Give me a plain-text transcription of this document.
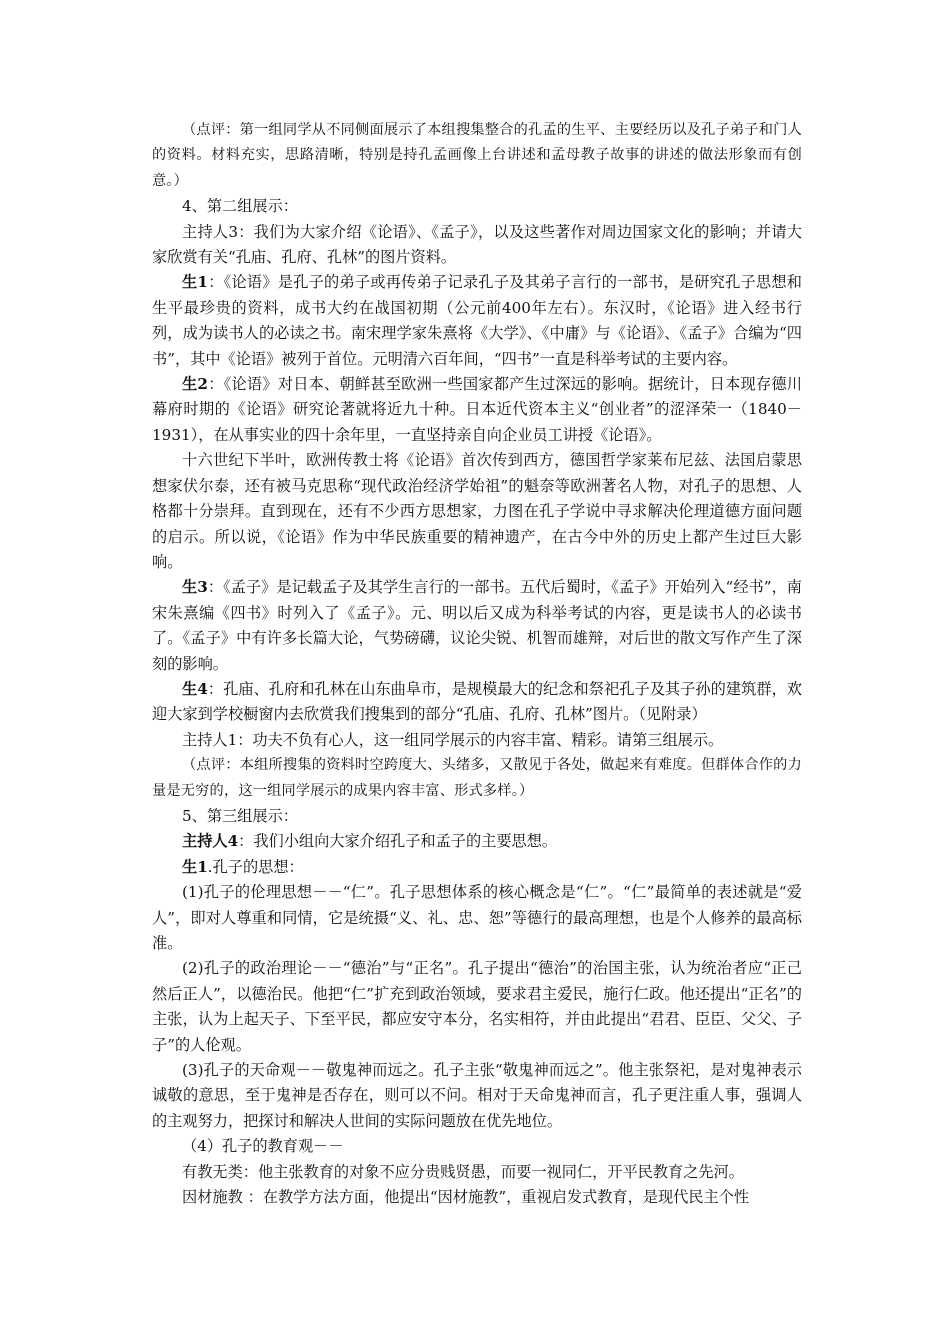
（点评：第一组同学从不同侧面展示了本组搜集整合的孔孟的生平、主要经历以及孔子弟子和门人的资料。材料充实，思路清晰，特别是持孔孟画像上台讲述和孟母教子故事的讲述的做法形象而有创意。）

4、第二组展示：

主持人3：我们为大家介绍《论语》、《孟子》，以及这些著作对周边国家文化的影响；并请大家欣赏有关“孔庙、孔府、孔林”的图片资料。

生1：《论语》是孔子的弟子或再传弟子记录孔子及其弟子言行的一部书，是研究孔子思想和生平最珍贵的资料，成书大约在战国初期（公元前400年左右）。东汉时，《论语》进入经书行列，成为读书人的必读之书。南宋理学家朱熹将《大学》、《中庸》与《论语》、《孟子》合编为“四书”，其中《论语》被列于首位。元明清六百年间，“四书”一直是科举考试的主要内容。

生2：《论语》对日本、朝鲜甚至欧洲一些国家都产生过深远的影响。据统计，日本现存德川幕府时期的《论语》研究论著就将近九十种。日本近代资本主义“创业者”的涩泽荣一（1840－1931），在从事实业的四十余年里，一直坚持亲自向企业员工讲授《论语》。

十六世纪下半叶，欧洲传教士将《论语》首次传到西方，德国哲学家莱布尼兹、法国启蒙思想家伏尔泰，还有被马克思称“现代政治经济学始祖”的魁奈等欧洲著名人物，对孔子的思想、人格都十分崇拜。直到现在，还有不少西方思想家，力图在孔子学说中寻求解决伦理道德方面问题的启示。所以说，《论语》作为中华民族重要的精神遗产，在古今中外的历史上都产生过巨大影响。

生3：《孟子》是记载孟子及其学生言行的一部书。五代后蜀时，《孟子》开始列入“经书”，南宋朱熹编《四书》时列入了《孟子》。元、明以后又成为科举考试的内容，更是读书人的必读书了。《孟子》中有许多长篇大论，气势磅礴，议论尖锐、机智而雄辩，对后世的散文写作产生了深刻的影响。

生4：孔庙、孔府和孔林在山东曲阜市，是规模最大的纪念和祭祀孔子及其子孙的建筑群，欢迎大家到学校橱窗内去欣赏我们搜集到的部分“孔庙、孔府、孔林”图片。（见附录）

主持人1：功夫不负有心人，这一组同学展示的内容丰富、精彩。请第三组展示。

（点评：本组所搜集的资料时空跨度大、头绪多，又散见于各处，做起来有难度。但群体合作的力量是无穷的，这一组同学展示的成果内容丰富、形式多样。）

5、第三组展示：

主持人4：我们小组向大家介绍孔子和孟子的主要思想。

生1.孔子的思想：

(1)孔子的伦理思想－－“仁”。孔子思想体系的核心概念是“仁”。“仁”最简单的表述就是“爱人”，即对人尊重和同情，它是统摄“义、礼、忠、恕”等德行的最高理想，也是个人修养的最高标准。

(2)孔子的政治理论－－“德治”与“正名”。孔子提出“德治”的治国主张，认为统治者应“正己然后正人”，以德治民。他把“仁”扩充到政治领域，要求君主爱民，施行仁政。他还提出“正名”的主张，认为上起天子、下至平民，都应安守本分，名实相符，并由此提出“君君、臣臣、父父、子子”的人伦观。

(3)孔子的天命观－－敬鬼神而远之。孔子主张“敬鬼神而远之”。他主张祭祀，是对鬼神表示诚敬的意思，至于鬼神是否存在，则可以不问。相对于天命鬼神而言，孔子更注重人事，强调人的主观努力，把探讨和解决人世间的实际问题放在优先地位。

（4）孔子的教育观－－

有教无类：他主张教育的对象不应分贵贱贤愚，而要一视同仁，开平民教育之先河。

因材施教 ：在教学方法方面，他提出“因材施教”，重视启发式教育，是现代民主个性
